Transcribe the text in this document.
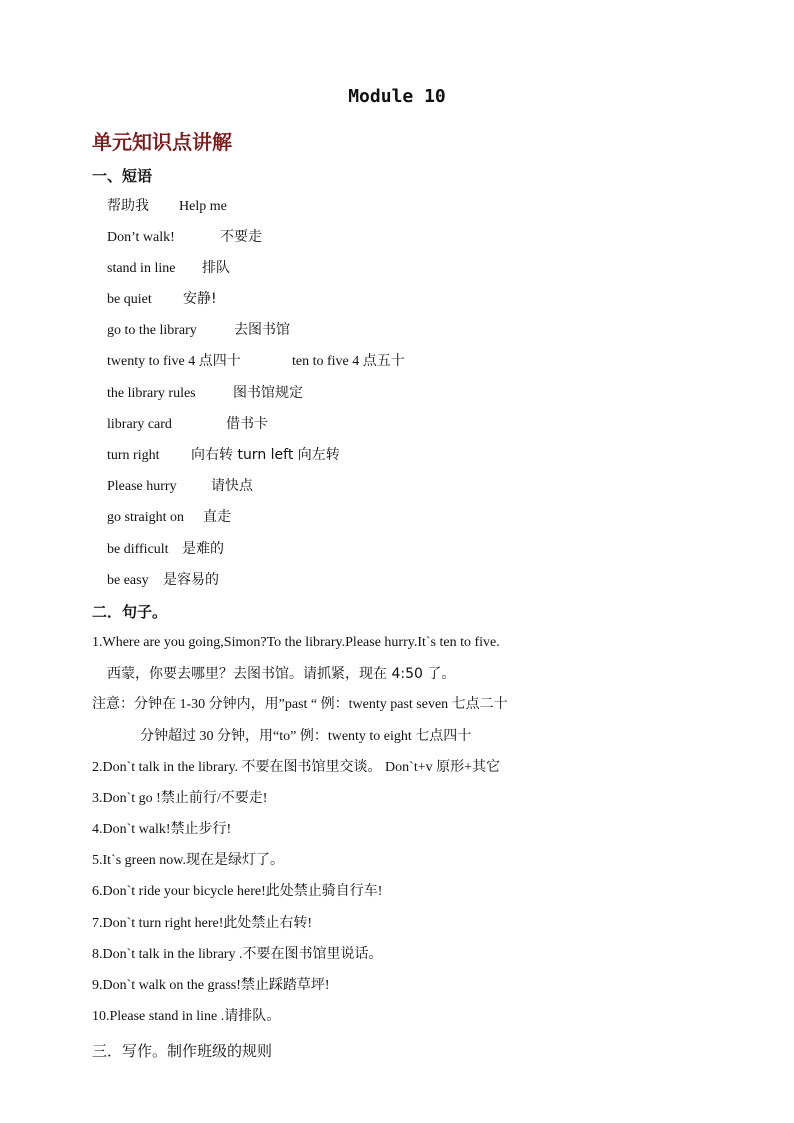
Module 10
单元知识点讲解
一、短语
帮助我 Help me
Don’t walk!	不要走
stand in line 排队
be quiet 安静!
go to the library	去图书馆
twenty to five 4 点四十	ten to five 4 点五十
the library rules	图书馆规定
library card	借书卡
turn right 向右转 turn left 向左转
Please hurry 请快点
go straight on 直走
be difficult 是难的
be easy 是容易的
二．句子。
1.Where are you going,Simon?To the library.Please hurry.It`s ten to five.
西蒙，你要去哪里？去图书馆。请抓紧，现在 4:50 了。
注意：分钟在 1-30 分钟内，用”past “ 例：twenty past seven 七点二十
分钟超过 30 分钟，用“to” 例：twenty to eight 七点四十
2.Don`t talk in the library. 不要在图书馆里交谈。 Don`t+v 原形+其它
3.Don`t go !禁止前行/不要走!
4.Don`t walk!禁止步行!
5.It`s green now.现在是绿灯了。
6.Don`t ride your bicycle here!此处禁止骑自行车!
7.Don`t turn right here!此处禁止右转!
8.Don`t talk in the library .不要在图书馆里说话。
9.Don`t walk on the grass!禁止踩踏草坪!
10.Please stand in line .请排队。
三．写作。制作班级的规则
